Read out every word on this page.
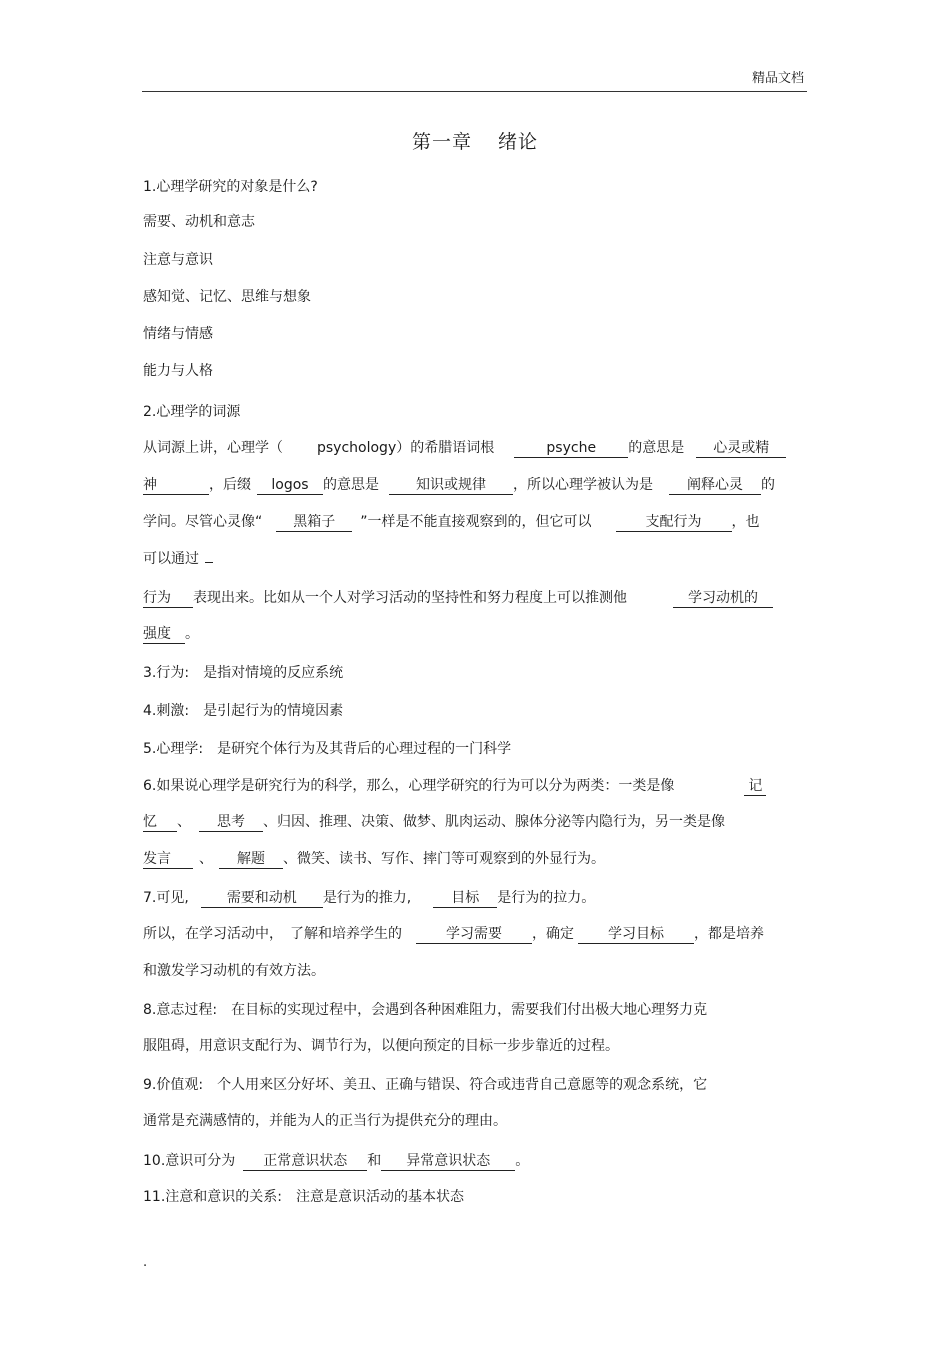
精品文档
第一章 绪论
1.心理学研究的对象是什么?
需要、动机和意志
注意与意识
感知觉、记忆、思维与想象
情绪与情感
能力与人格
2.心理学的词源
从词源上讲，心理学（ psychology）的希腊语词根	psyche 的意思是 心灵或精
神	，后缀 logos 的意思是	知识或规律 ，所以心理学被认为是 阐释心灵 的
学问。尽管心灵像“ 黑箱子 ”一样是不能直接观察到的，但它可以	支配行为 ，也
可以通过
行为 表现出来。比如从一个人对学习活动的坚持性和努力程度上可以推测他	学习动机的
强度 。
3.行为:　是指对情境的反应系统
4.刺激:　是引起行为的情境因素
5.心理学:　是研究个体行为及其背后的心理过程的一门科学
6.如果说心理学是研究行为的科学，那么，心理学研究的行为可以分为两类：一类是像	记
忆 、 思考 、归因、推理、决策、做梦、肌肉运动、腺体分泌等内隐行为，另一类是像
发言 、 解题 、微笑、读书、写作、摔门等可观察到的外显行为。
7.可见,	需要和动机 是行为的推力,	目标 是行为的拉力。
所以，在学习活动中，　了解和培养学生的	学习需要 ，确定 学习目标 ，都是培养
和激发学习动机的有效方法。
8.意志过程:　在目标的实现过程中，会遇到各种困难阻力，需要我们付出极大地心理努力克
服阻碍，用意识支配行为、调节行为，以便向预定的目标一步步靠近的过程。
9.价值观:　个人用来区分好坏、美丑、正确与错误、符合或违背自己意愿等的观念系统，它
通常是充满感情的，并能为人的正当行为提供充分的理由。
10.意识可分为 正常意识状态 和 异常意识状态 。
11.注意和意识的关系:　注意是意识活动的基本状态
.
